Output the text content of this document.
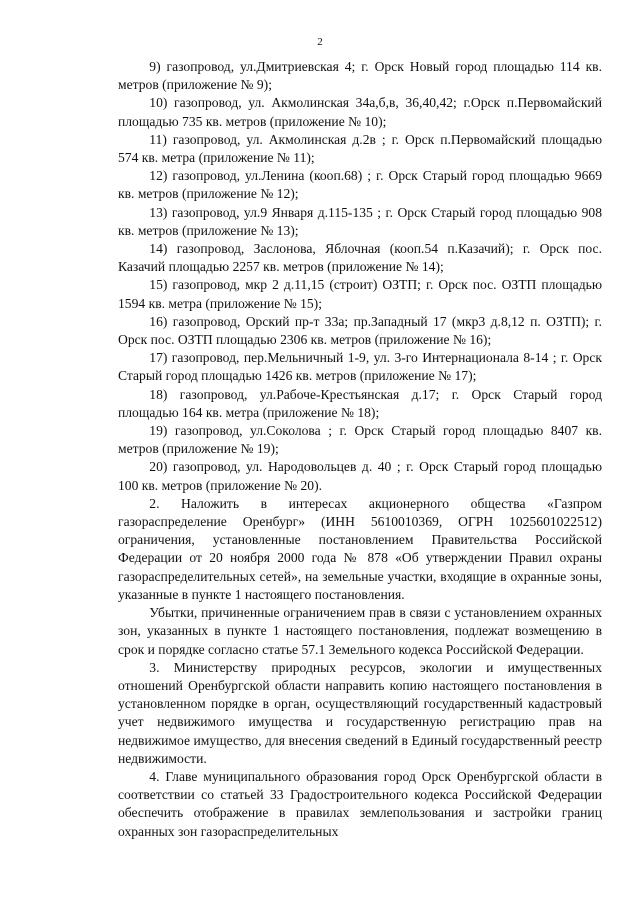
2

9) газопровод, ул.Дмитриевская 4; г. Орск Новый город площадью 114 кв. метров (приложение № 9);

10) газопровод, ул. Акмолинская 34а,б,в, 36,40,42; г.Орск п.Первомайский площадью 735 кв. метров (приложение № 10);

11) газопровод, ул. Акмолинская д.2в ; г. Орск п.Первомайский площадью 574 кв. метра (приложение № 11);

12) газопровод, ул.Ленина (кооп.68) ; г. Орск Старый город площадью 9669 кв. метров (приложение № 12);

13) газопровод, ул.9 Января д.115-135 ; г. Орск Старый город площадью 908 кв. метров (приложение № 13);

14) газопровод, Заслонова, Яблочная (кооп.54 п.Казачий); г. Орск пос. Казачий площадью 2257 кв. метров (приложение № 14);

15) газопровод, мкр 2 д.11,15 (строит) ОЗТП; г. Орск пос. ОЗТП площадью 1594 кв. метра (приложение № 15);

16) газопровод, Орский пр-т 33а; пр.Западный 17 (мкр3 д.8,12 п. ОЗТП); г. Орск пос. ОЗТП площадью 2306 кв. метров (приложение № 16);

17) газопровод, пер.Мельничный 1-9, ул. 3-го Интернационала 8-14 ; г. Орск Старый город площадью 1426 кв. метров (приложение № 17);

18) газопровод, ул.Рабоче-Крестьянская д.17; г. Орск Старый город площадью 164 кв. метра (приложение № 18);

19) газопровод, ул.Соколова ; г. Орск Старый город площадью 8407 кв. метров (приложение № 19);

20) газопровод, ул. Народовольцев д. 40 ; г. Орск Старый город площадью 100 кв. метров (приложение № 20).

2. Наложить в интересах акционерного общества «Газпром газораспределение Оренбург» (ИНН 5610010369, ОГРН 1025601022512) ограничения, установленные постановлением Правительства Российской Федерации от 20 ноября 2000 года № 878 «Об утверждении Правил охраны газораспределительных сетей», на земельные участки, входящие в охранные зоны, указанные в пункте 1 настоящего постановления.

Убытки, причиненные ограничением прав в связи с установлением охранных зон, указанных в пункте 1 настоящего постановления, подлежат возмещению в срок и порядке согласно статье 57.1 Земельного кодекса Российской Федерации.

3. Министерству природных ресурсов, экологии и имущественных отношений Оренбургской области направить копию настоящего постановления в установленном порядке в орган, осуществляющий государственный кадастровый учет недвижимого имущества и государственную регистрацию прав на недвижимое имущество, для внесения сведений в Единый государственный реестр недвижимости.

4. Главе муниципального образования город Орск Оренбургской области в соответствии со статьей 33 Градостроительного кодекса Российской Федерации обеспечить отображение в правилах землепользования и застройки границ охранных зон газораспределительных
